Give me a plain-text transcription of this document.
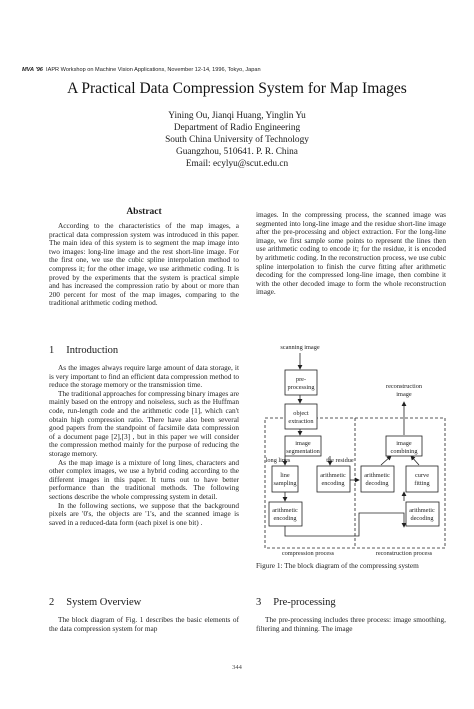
MVA '96 IAPR Workshop on Machine Vision Applications, November 12-14, 1996, Tokyo, Japan
A Practical Data Compression System for Map Images
Yining Ou, Jianqi Huang, Yinglin Yu
Department of Radio Engineering
South China University of Technology
Guangzhou, 510641. P. R. China
Email: ecylyu@scut.edu.cn
Abstract

According to the characteristics of the map images, a practical data compression system was introduced in this paper. The main idea of this system is to segment the map image into two images: long-line image and the rest short-line image. For the first one, we use the cubic spline interpolation method to compress it; for the other image, we use arithmetic coding. It is proved by the experiments that the system is practical simple and has increased the compression ratio by about or more than 200 percent for most of the map images, comparing to the traditional arithmetic coding method.

1 Introduction

As the images always require large amount of data storage, it is very important to find an efficient data compression method to reduce the storage memory or the transmission time.

The traditional approaches for compressing binary images are mainly based on the entropy and noiseless, such as the Huffman code, run-length code and the arithmetic code [1], which can't obtain high compression ratio. There have also been several good papers from the standpoint of facsimile data compression of a document page [2],[3] , but in this paper we will consider the compression method mainly for the purpose of reducing the storage memory.

As the map image is a mixture of long lines, characters and other complex images, we use a hybrid coding according to the different images in this paper. It turns out to have better performance than the traditional methods. The following sections describe the whole compressing system in detail.

In the following sections, we suppose that the background pixels are '0's, the objects are '1's, and the scanned image is saved in a reduced-data form (each pixel is one bit) .

2 System Overview

The block diagram of Fig. 1 describes the basic elements of the data compression system for map

images. In the compressing process, the scanned image was segmented into long-line image and the residue short-line image after the pre-processing and object extraction. For the long-line image, we first sample some points to represent the lines then use arithmetic coding to encode it; for the residue, it is encoded by arithmetic coding. In the reconstruction process, we use cubic spline interpolation to finish the curve fitting after arithmetic decoding for the compressed long-line image, then combine it with the other decoded image to form the whole reconstruction image.

scanning image
pre-
processing
object
extraction
image
segmentation
long lines	the residue
line
sampling
arithmetic
encoding
arithmetic
encoding
arithmetic
decoding
curve
fitting
arithmetic
decoding
image
combining
reconstruction
image
compression process	reconstruction process

Figure 1: The block diagram of the compressing system

3 Pre-processing

The pre-processing includes three process: image smoothing, filtering and thinning. The image

344
